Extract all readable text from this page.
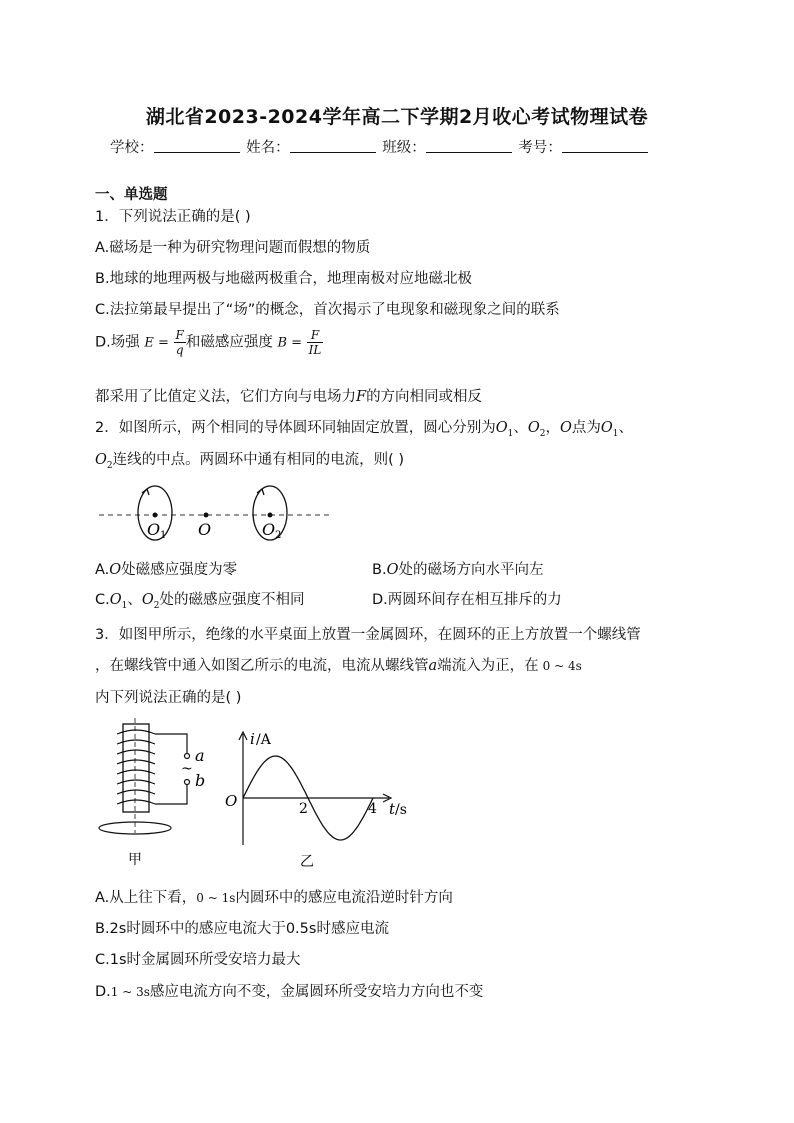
湖北省2023-2024学年高二下学期2月收心考试物理试卷
学校：	姓名：	班级：	考号：
一、单选题
1．下列说法正确的是( )
A.磁场是一种为研究物理问题而假想的物质
B.地球的地理两极与地磁两极重合，地理南极对应地磁北极
C.法拉第最早提出了“场”的概念，首次揭示了电现象和磁现象之间的联系
D.场强 $E = \frac{F}{q}$ 和磁感应强度 $B = \frac{F}{IL}$
都采用了比值定义法，它们方向与电场力F的方向相同或相反
2．如图所示，两个相同的导体圆环同轴固定放置，圆心分别为$O_1$、$O_2$，O点为$O_1$、
$O_2$连线的中点。两圆环中通有相同的电流，则( )
O 1 O	O 2
A.O处磁感应强度为零	B.O处的磁场方向水平向左
$C.O_1$、$O_2$处的磁感应强度不相同	D.两圆环间存在相互排斥的力
3．如图甲所示，绝缘的水平桌面上放置一金属圆环，在圆环的正上方放置一个螺线管
，在螺线管中通入如图乙所示的电流，电流从螺线管a端流入为正，在 0 ~ 4s
内下列说法正确的是( )
a
~
b
甲
i /A
O	2	4 t /s
乙
A.从上往下看，0 ~ 1s内圆环中的感应电流沿逆时针方向
B.2s时圆环中的感应电流大于0.5s时感应电流
C.1s时金属圆环所受安培力最大
D.1 ~ 3s感应电流方向不变，金属圆环所受安培力方向也不变
